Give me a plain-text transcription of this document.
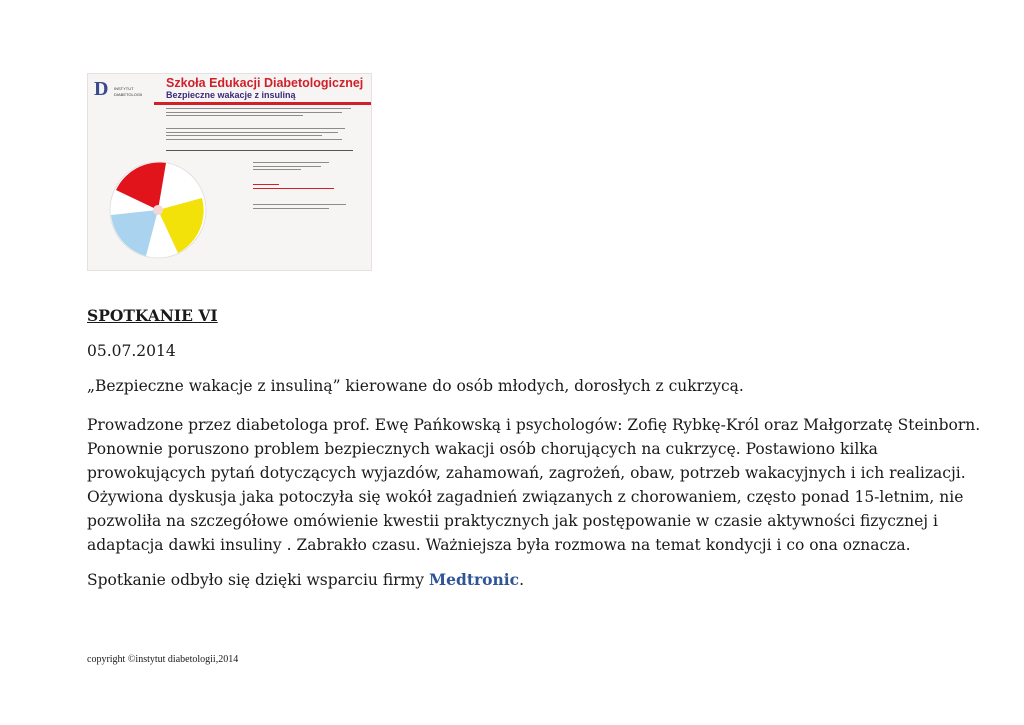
D INSTYTUT
DIABETOLOGII
Szkoła Edukacji Diabetologicznej
Bezpieczne wakacje z insuliną
SPOTKANIE VI
05.07.2014
„Bezpieczne wakacje z insuliną” kierowane do osób młodych, dorosłych z cukrzycą.
Prowadzone przez diabetologa prof. Ewę Pańkowską i psychologów: Zofię Rybkę-Król oraz Małgorzatę Steinborn.
Ponownie poruszono problem bezpiecznych wakacji osób chorujących na cukrzycę. Postawiono kilka
prowokujących pytań dotyczących wyjazdów, zahamowań, zagrożeń, obaw, potrzeb wakacyjnych i ich realizacji.
Ożywiona dyskusja jaka potoczyła się wokół zagadnień związanych z chorowaniem, często ponad 15-letnim, nie
pozwoliła na szczegółowe omówienie kwestii praktycznych jak postępowanie w czasie aktywności fizycznej i
adaptacja dawki insuliny . Zabrakło czasu. Ważniejsza była rozmowa na temat kondycji i co ona oznacza.
Spotkanie odbyło się dzięki wsparciu firmy Medtronic.
copyright ©instytut diabetologii,2014
